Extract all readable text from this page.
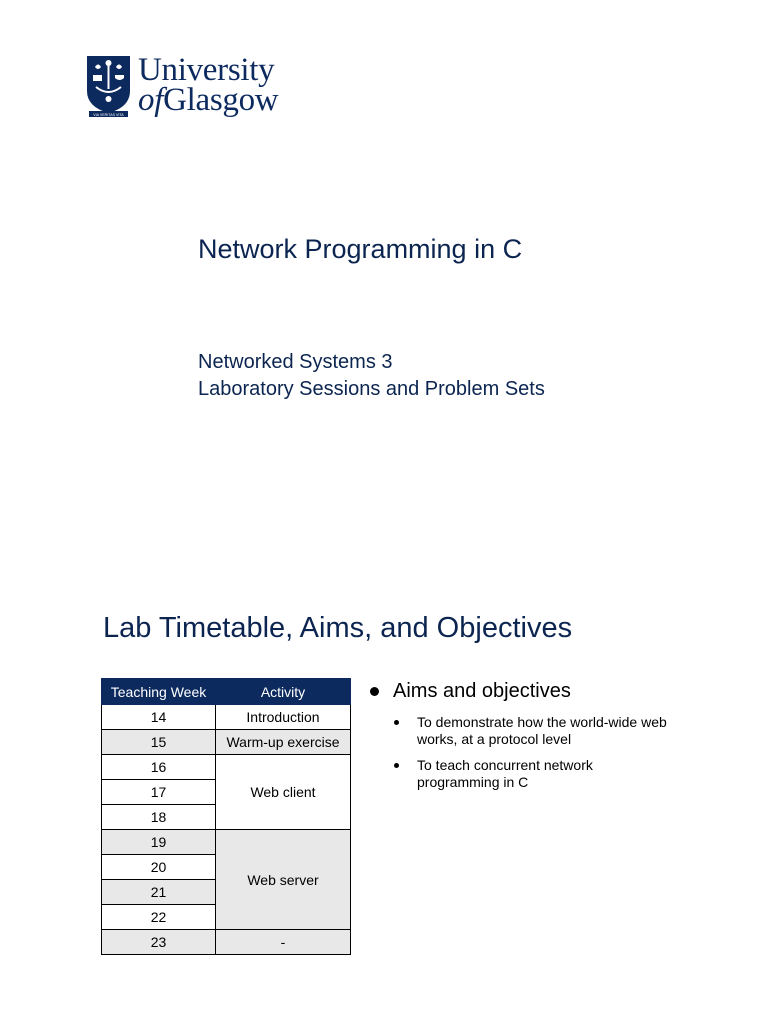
VIA VERITAS VITA
University
ofGlasgow
Network Programming in C
Networked Systems 3
Laboratory Sessions and Problem Sets
Lab Timetable, Aims, and Objectives
Teaching Week	Activity
14	Introduction
15	Warm-up exercise
16	Web client
17	
18	
19	Web server
20	
21	
22	
23	-
Aims and objectives
To demonstrate how the world-wide web works, at a protocol level
To teach concurrent network programming in C
